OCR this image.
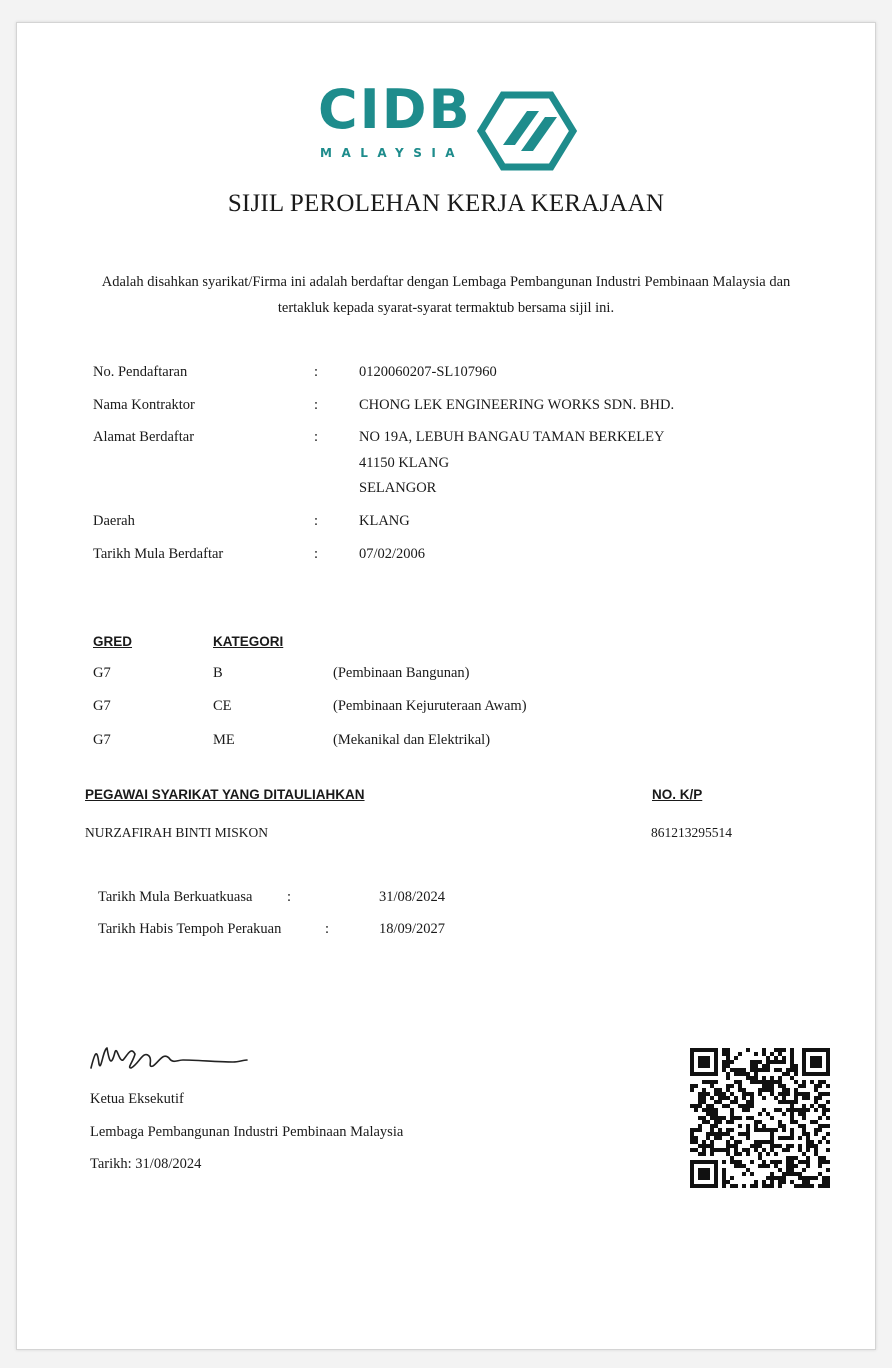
CIDB
MALAYSIA
SIJIL PEROLEHAN KERJA KERAJAAN
Adalah disahkan syarikat/Firma ini adalah berdaftar dengan Lembaga Pembangunan Industri Pembinaan Malaysia dan tertakluk kepada syarat-syarat termaktub bersama sijil ini.
No. Pendaftaran	:	0120060207-SL107960
Nama Kontraktor	:	CHONG LEK ENGINEERING WORKS SDN. BHD.
Alamat Berdaftar	:	NO 19A, LEBUH BANGAU TAMAN BERKELEY
41150 KLANG
SELANGOR
Daerah	:	KLANG
Tarikh Mula Berdaftar	:	07/02/2006
GRED	KATEGORI
G7	B	(Pembinaan Bangunan)
G7	CE	(Pembinaan Kejuruteraan Awam)
G7	ME	(Mekanikal dan Elektrikal)
PEGAWAI SYARIKAT YANG DITAULIAHKAN	NO. K/P
NURZAFIRAH BINTI MISKON	861213295514
Tarikh Mula Berkuatkuasa :	31/08/2024
Tarikh Habis Tempoh Perakuan	:	18/09/2027
Ketua Eksekutif
Lembaga Pembangunan Industri Pembinaan Malaysia
Tarikh: 31/08/2024
